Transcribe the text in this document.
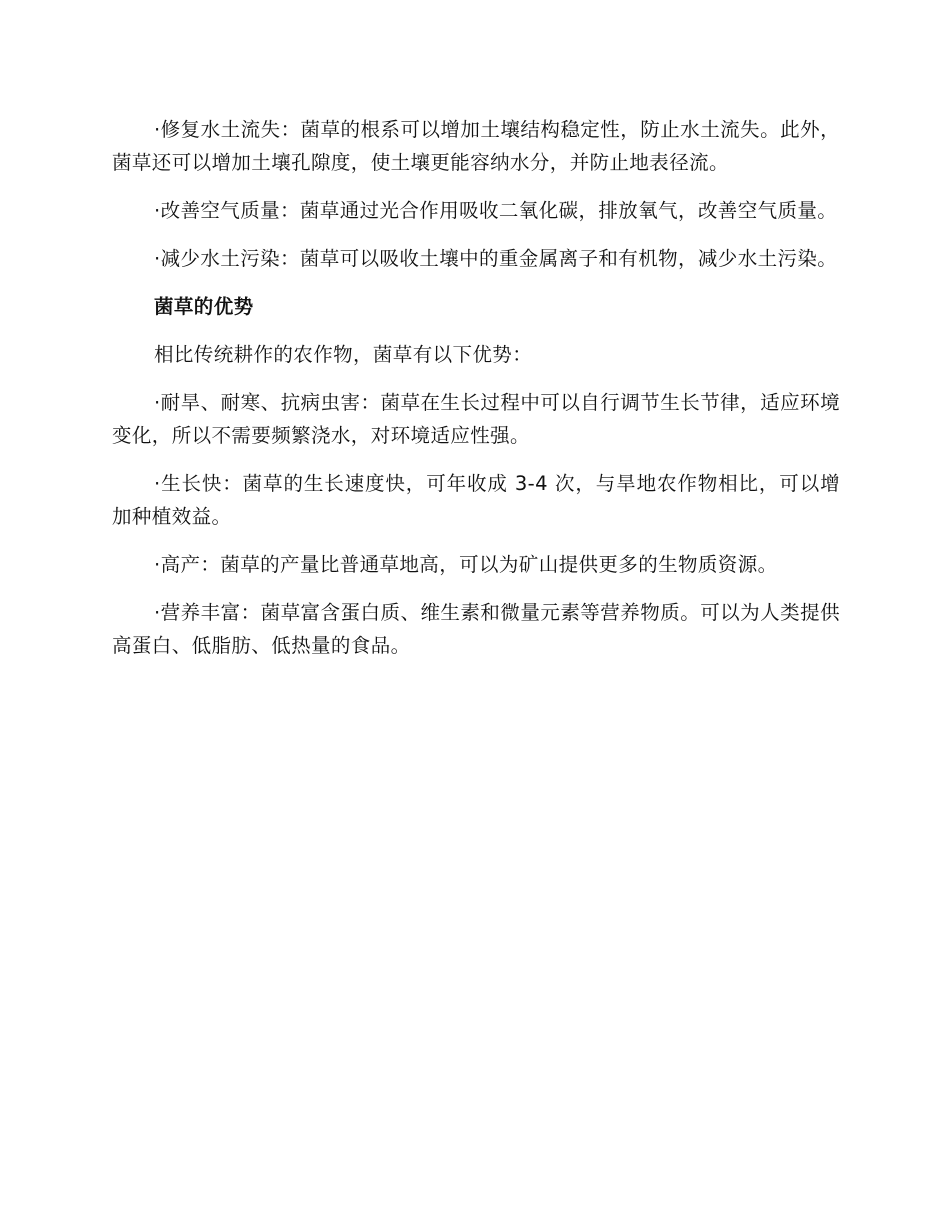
·修复水土流失：菌草的根系可以增加土壤结构稳定性，防止水土流失。此外，菌草还可以增加土壤孔隙度，使土壤更能容纳水分，并防止地表径流。

·改善空气质量：菌草通过光合作用吸收二氧化碳，排放氧气，改善空气质量。

·减少水土污染：菌草可以吸收土壤中的重金属离子和有机物，减少水土污染。

菌草的优势

相比传统耕作的农作物，菌草有以下优势：

·耐旱、耐寒、抗病虫害：菌草在生长过程中可以自行调节生长节律，适应环境变化，所以不需要频繁浇水，对环境适应性强。

·生长快：菌草的生长速度快，可年收成 3-4 次，与旱地农作物相比，可以增加种植效益。

·高产：菌草的产量比普通草地高，可以为矿山提供更多的生物质资源。

·营养丰富：菌草富含蛋白质、维生素和微量元素等营养物质。可以为人类提供高蛋白、低脂肪、低热量的食品。
